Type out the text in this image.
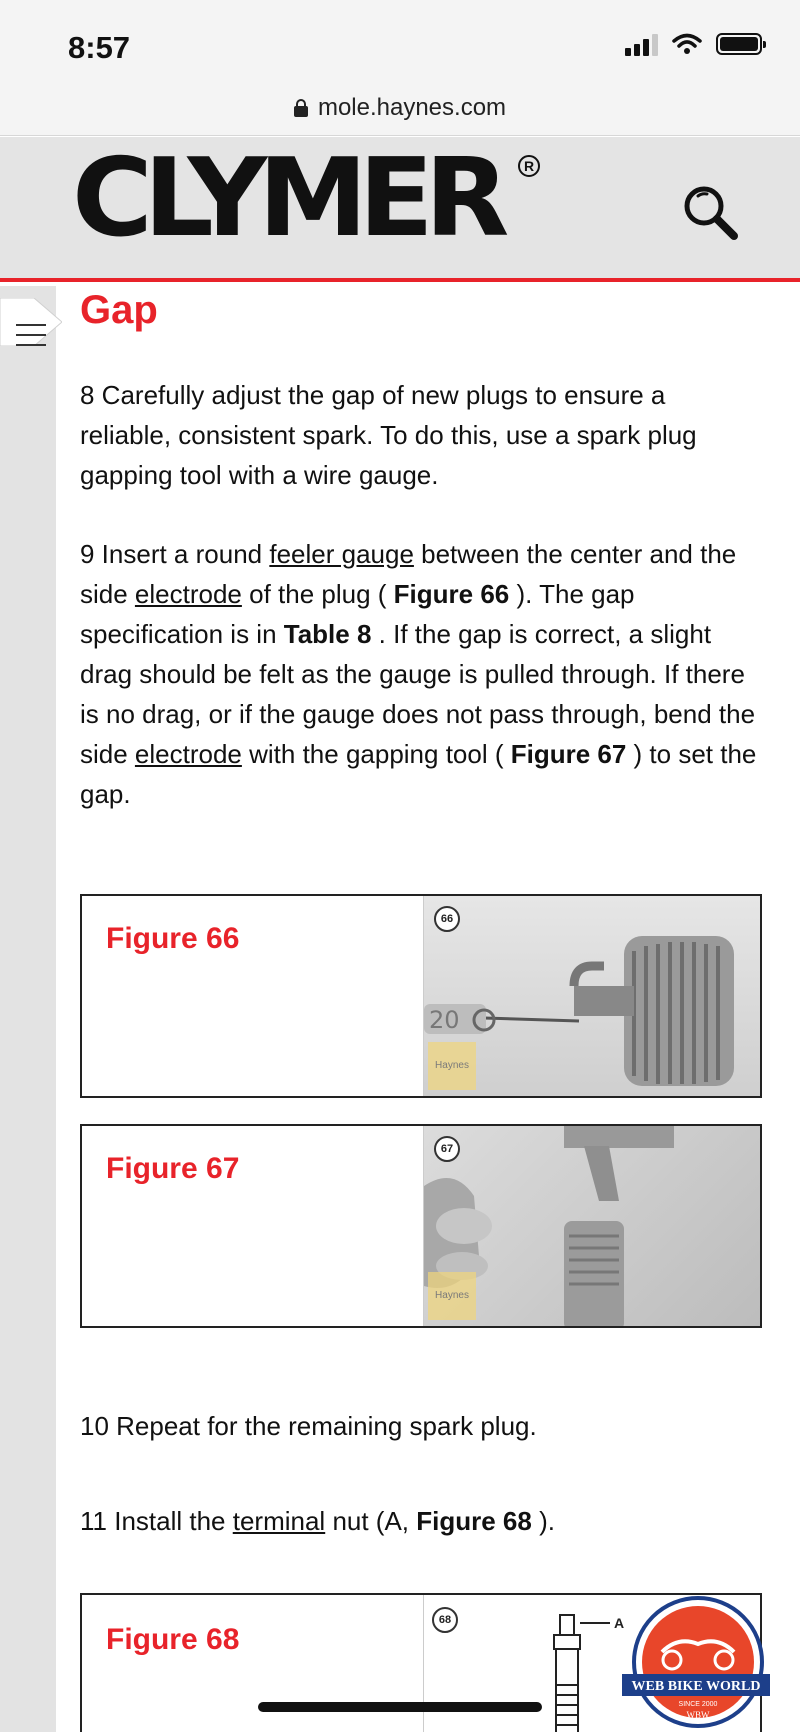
8:57
mole.haynes.com
CLYMER	R
Gap

8 Carefully adjust the gap of new plugs to ensure a reliable, consistent spark. To do this, use a spark plug gapping tool with a wire gauge.

9 Insert a round feeler gauge between the center and the side electrode of the plug ( Figure 66 ). The gap specification is in Table 8 . If the gap is correct, a slight drag should be felt as the gauge is pulled through. If there is no drag, or if the gauge does not pass through, bend the side electrode with the gapping tool ( Figure 67 ) to set the gap.

Figure 66
20
66
Haynes
Figure 67
67
Haynes

10 Repeat for the remaining spark plug.

11 Install the terminal nut (A, Figure 68 ).

Figure 68	A
68
WEB BIKE WORLD
SINCE 2000
WBW
